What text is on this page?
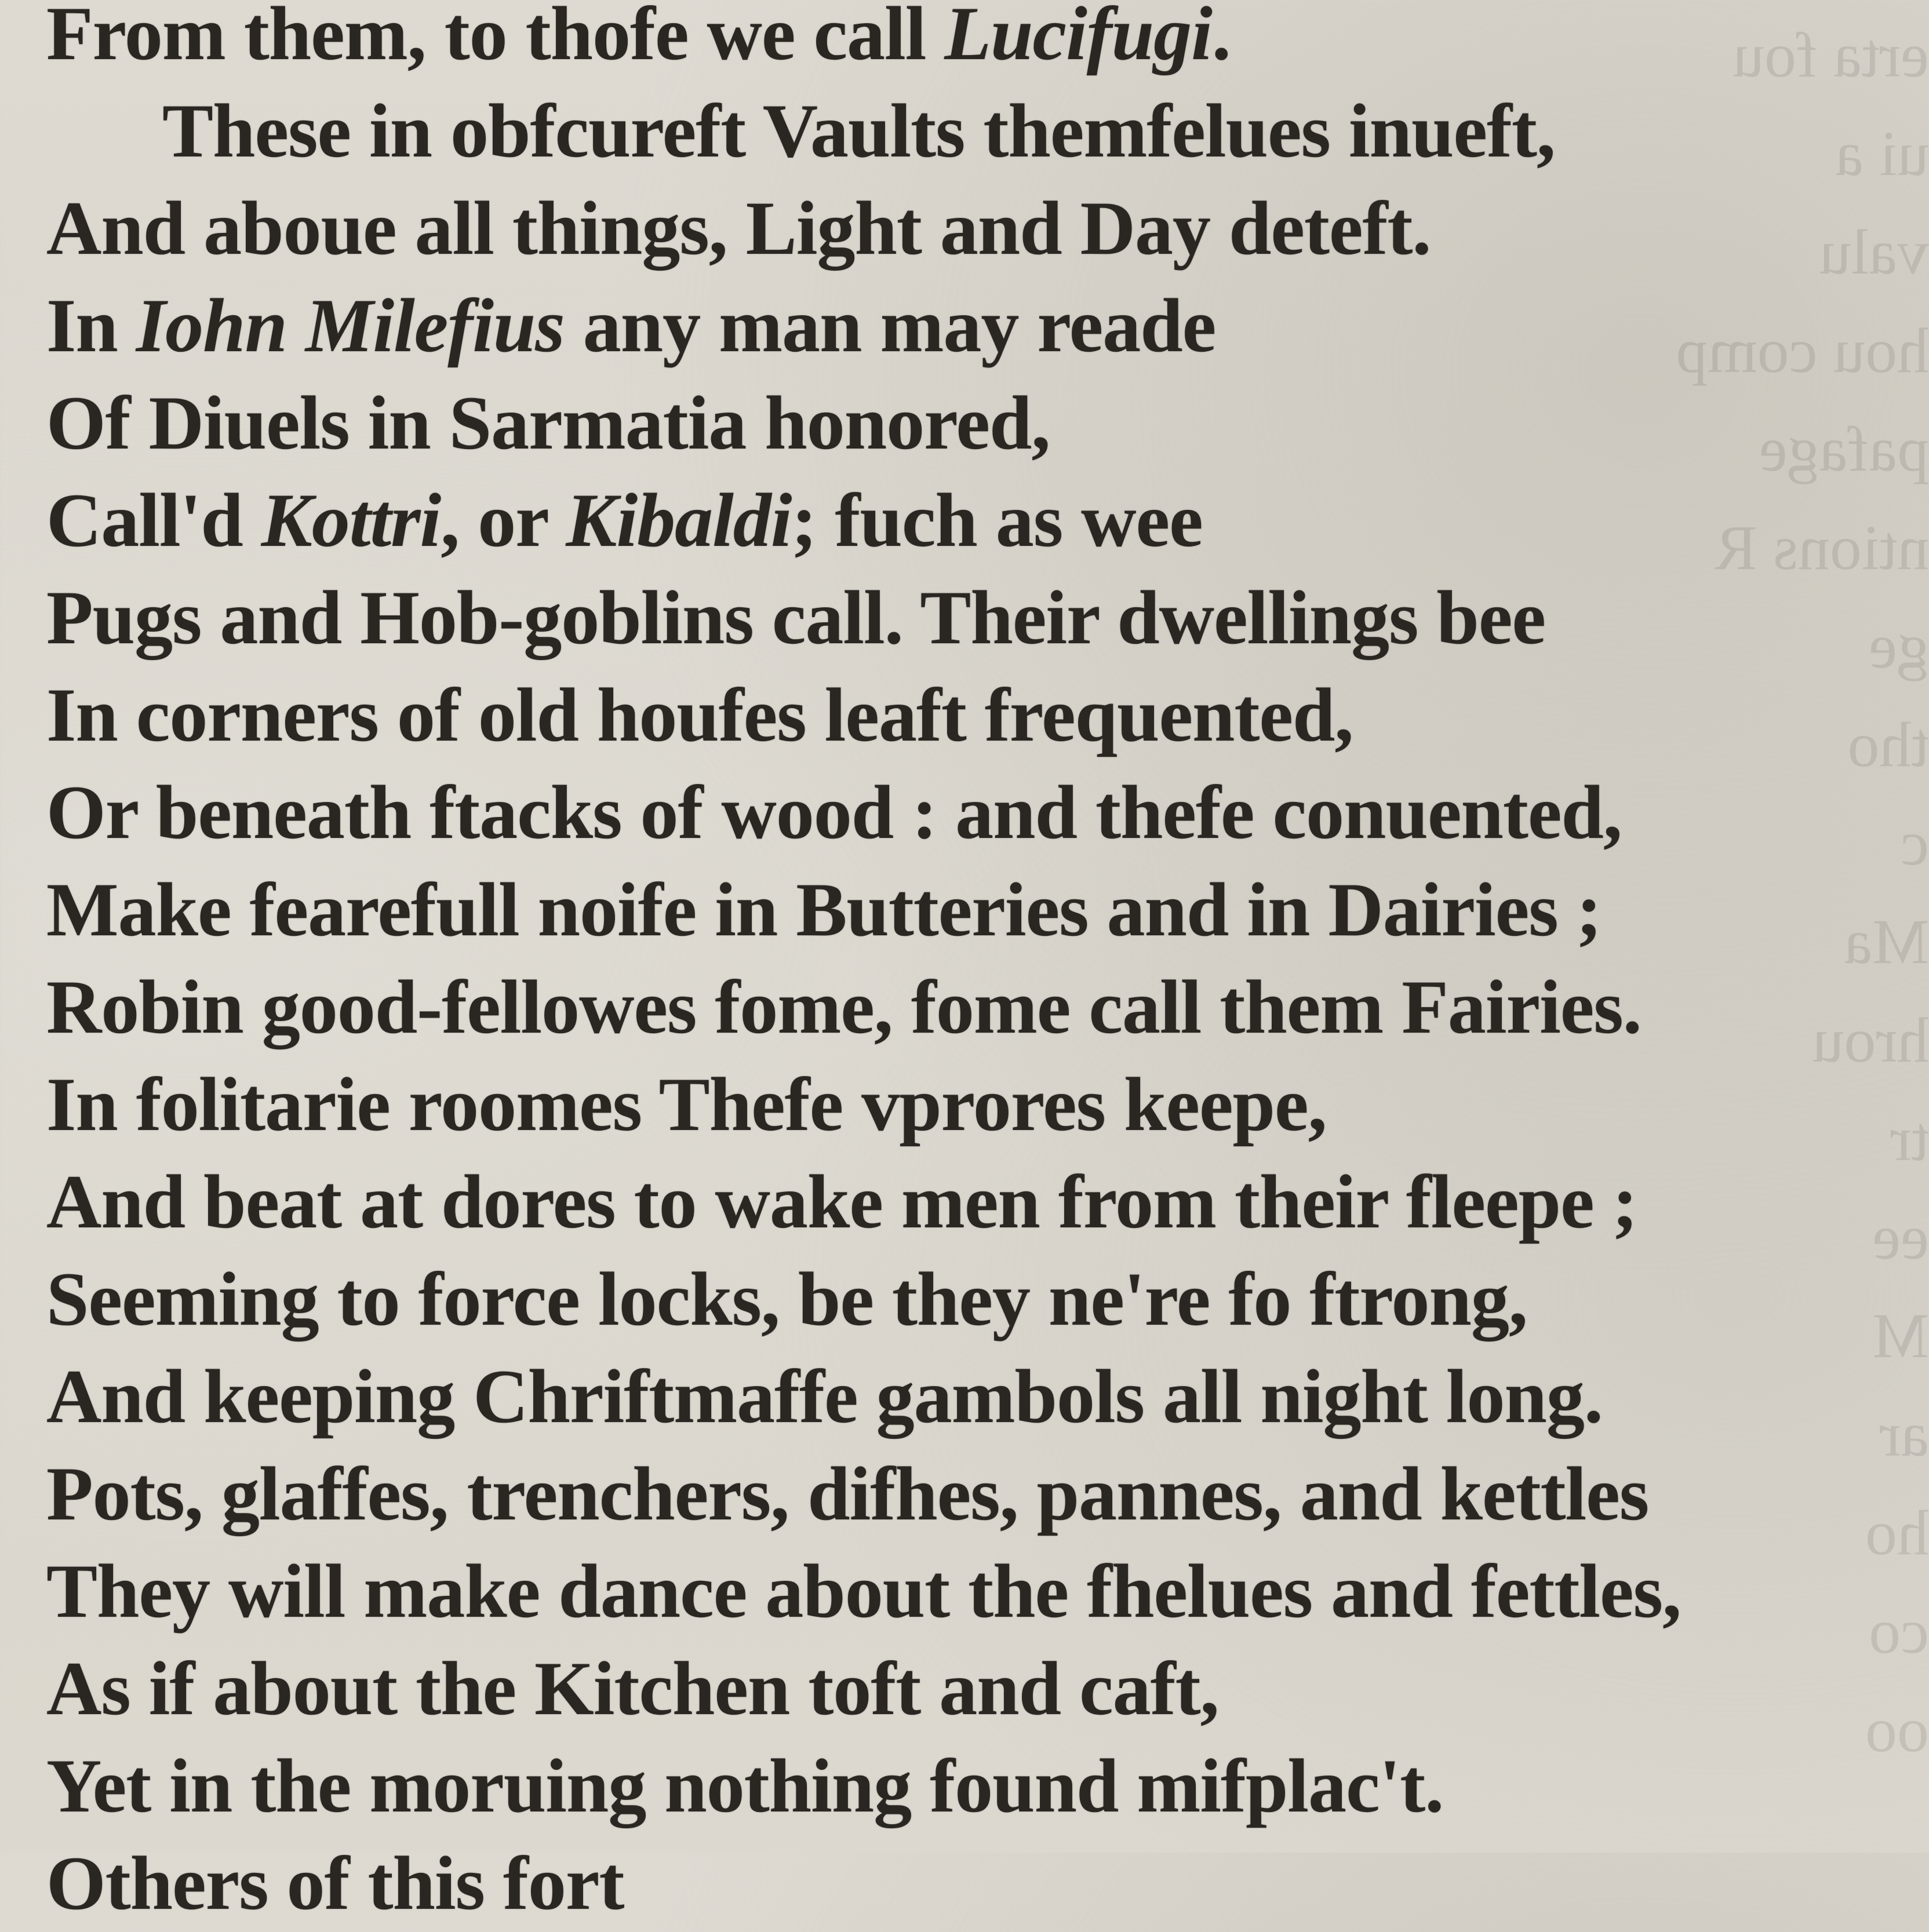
erta fou
ui a
valu
hou comp
pafage
ntions R
ge
tho
c
Ma
hrou
tr
ee
M
ar
ho
co
oo
From them, to thofe we call Lucifugi.
These in obfcureft Vaults themfelues inueft,
And aboue all things, Light and Day deteft.
In Iohn Milefius any man may reade
Of Diuels in Sarmatia honored,
Call'd Kottri, or Kibaldi; fuch as wee
Pugs and Hob-goblins call. Their dwellings bee
In corners of old houfes leaft frequented,
Or beneath ftacks of wood : and thefe conuented,
Make fearefull noife in Butteries and in Dairies ;
Robin good-fellowes fome, fome call them Fairies.
In folitarie roomes Thefe vprores keepe,
And beat at dores to wake men from their fleepe ;
Seeming to force locks, be they ne're fo ftrong,
And keeping Chriftmaffe gambols all night long.
Pots, glaffes, trenchers, difhes, pannes, and kettles
They will make dance about the fhelues and fettles,
As if about the Kitchen toft and caft,
Yet in the moruing nothing found mifplac't.
Others of this fort
